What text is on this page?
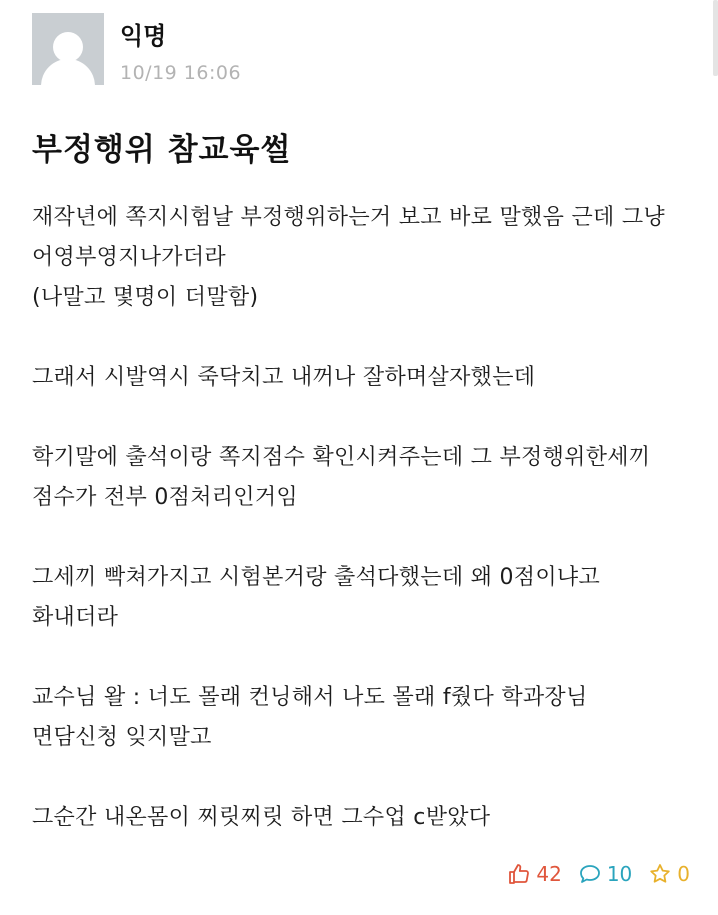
익명
10/19 16:06
부정행위 참교육썰
재작년에 쪽지시험날 부정행위하는거 보고 바로 말했음 근데 그냥
어영부영지나가더라
(나말고 몇명이 더말함)
그래서 시발역시 죽닥치고 내꺼나 잘하며살자했는데
학기말에 출석이랑 쪽지점수 확인시켜주는데 그 부정행위한세끼
점수가 전부 0점처리인거임
그세끼 빡쳐가지고 시험본거랑 출석다했는데 왜 0점이냐고
화내더라
교수님 왈 : 너도 몰래 컨닝해서 나도 몰래 f줬다 학과장님
면담신청 잊지말고
그순간 내온몸이 찌릿찌릿 하면 그수업 c받았다
42 10 0
